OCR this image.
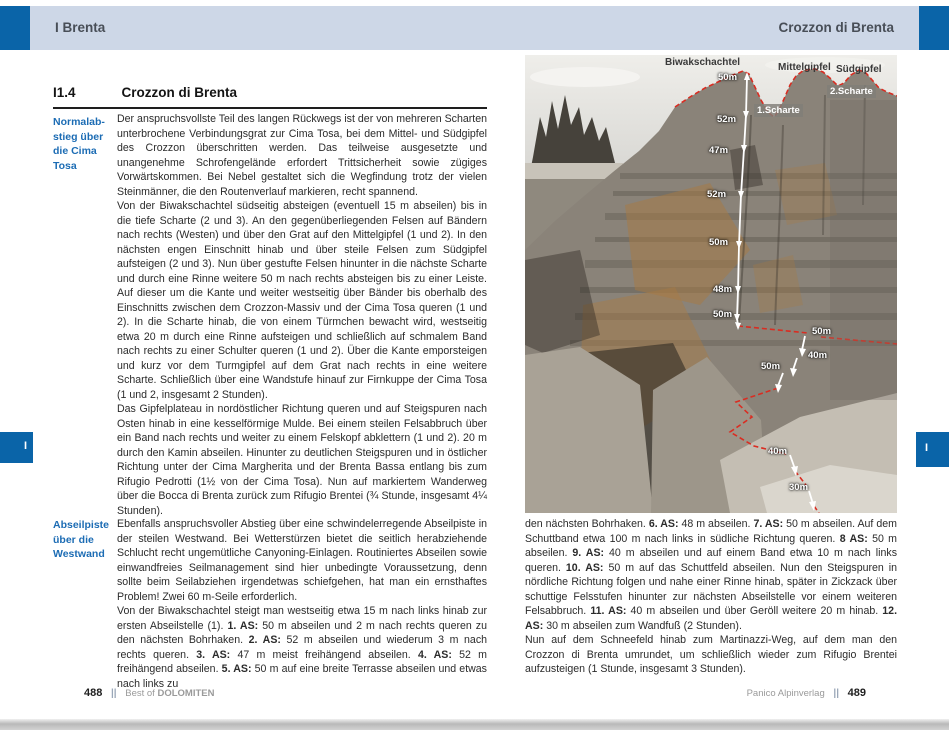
I Brenta	Crozzon di Brenta
I1.4	Crozzon di Brenta
Normalab-stieg über die Cima Tosa

Der anspruchsvollste Teil des langen Rückwegs ist der von mehreren Scharten unterbrochene Verbindungsgrat zur Cima Tosa, bei dem Mittel- und Südgipfel des Crozzon überschritten werden. Das teilweise ausgesetzte und unangenehme Schrofengelände erfordert Trittsicherheit sowie zügiges Vorwärtskommen. Bei Nebel gestaltet sich die Wegfindung trotz der vielen Steinmänner, die den Routenverlauf markieren, recht spannend.

Von der Biwakschachtel südseitig absteigen (eventuell 15 m abseilen) bis in die tiefe Scharte (2 und 3). An den gegenüberliegenden Felsen auf Bändern nach rechts (Westen) und über den Grat auf den Mittelgipfel (1 und 2). In den nächsten engen Einschnitt hinab und über steile Felsen zum Südgipfel aufsteigen (2 und 3). Nun über gestufte Felsen hinunter in die nächste Scharte und durch eine Rinne weitere 50 m nach rechts absteigen bis zu einer Leiste. Auf dieser um die Kante und weiter westseitig über Bänder bis oberhalb des Einschnitts zwischen dem Crozzon-Massiv und der Cima Tosa queren (1 und 2). In die Scharte hinab, die von einem Türmchen bewacht wird, westseitig etwa 20 m durch eine Rinne aufsteigen und schließlich auf schmalem Band nach rechts zu einer Schulter queren (1 und 2). Über die Kante emporsteigen und kurz vor dem Turmgipfel auf dem Grat nach rechts in eine weitere Scharte. Schließlich über eine Wandstufe hinauf zur Firnkuppe der Cima Tosa (1 und 2, insgesamt 2 Stunden).

Das Gipfelplateau in nordöstlicher Richtung queren und auf Steigspuren nach Osten hinab in eine kesselförmige Mulde. Bei einem steilen Felsabbruch über ein Band nach rechts und weiter zu einem Felskopf abklettern (1 und 2). 20 m durch den Kamin abseilen. Hinunter zu deutlichen Steigspuren und in östlicher Richtung unter der Cima Margherita und der Brenta Bassa entlang bis zum Rifugio Pedrotti (1½ von der Cima Tosa). Nun auf markiertem Wanderweg über die Bocca di Brenta zurück zum Rifugio Brentei (¾ Stunde, insgesamt 4¼ Stunden).

Abseilpiste über die Westwand

Ebenfalls anspruchsvoller Abstieg über eine schwindelerregende Abseilpiste in der steilen Westwand. Bei Wetterstürzen bietet die seitlich herabziehende Schlucht recht ungemütliche Canyoning-Einlagen. Routiniertes Abseilen sowie einwandfreies Seilmanagement sind hier unbedingte Voraussetzung, denn sollte beim Seilabziehen irgendetwas schiefgehen, hat man ein ernsthaftes Problem! Zwei 60 m-Seile erforderlich.

Von der Biwakschachtel steigt man westseitig etwa 15 m nach links hinab zur ersten Abseilstelle (1). 1. AS: 50 m abseilen und 2 m nach rechts queren zu den nächsten Bohrhaken. 2. AS: 52 m abseilen und wiederum 3 m nach rechts queren. 3. AS: 47 m meist freihängend abseilen. 4. AS: 52 m freihängend abseilen. 5. AS: 50 m auf eine breite Terrasse abseilen und etwas nach links zu

Biwakschachtel	Mittelgipfel Südgipfel
1.Scharte
2.Scharte
50m
52m
47m
52m
50m
48m
50m
50m
40m
50m
40m
30m

den nächsten Bohrhaken. 6. AS: 48 m abseilen. 7. AS: 50 m abseilen. Auf dem Schuttband etwa 100 m nach links in südliche Richtung queren. 8 AS: 50 m abseilen. 9. AS: 40 m abseilen und auf einem Band etwa 10 m nach links queren. 10. AS: 50 m auf das Schuttfeld abseilen. Nun den Steigspuren in nördliche Richtung folgen und nahe einer Rinne hinab, später in Zickzack über schuttige Felsstufen hinunter zur nächsten Abseilstelle vor einem weiteren Felsabbruch. 11. AS: 40 m abseilen und über Geröll weitere 20 m hinab. 12. AS: 30 m abseilen zum Wandfuß (2 Stunden).

Nun auf dem Schneefeld hinab zum Martinazzi-Weg, auf dem man den Crozzon di Brenta umrundet, um schließlich wieder zum Rifugio Brentei aufzusteigen (1 Stunde, insgesamt 3 Stunden).

I	I
488 || Best of DOLOMITEN	Panico Alpinverlag || 489
